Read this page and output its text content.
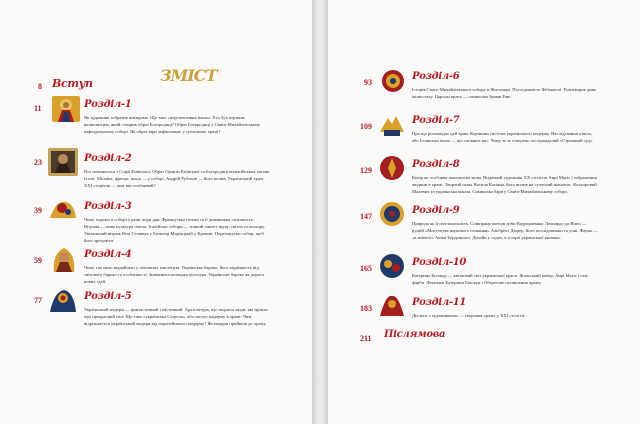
ЗМІСТ
8 Вступ
11	Розділ-1
Як художник зобразив невидиме. Що таке «перспективна ікона». Хто був першим іконописцем, який створив образ Богородиці? Образ Богородиці у Свято-Михайлівському кафедральному соборі. Як образ віри зафіксовано у сучасному храмі?
23	Розділ-2
Все починалося з Софії Київської. Образ Оранти Київської та Богородиці візантійських мозаїк Італії. Мозаїка, фреска, ікона — у соборі. Андрій Рубльов — його вплив. Український храм ХХІ сторіччя — чим він особливий?
39	Розділ-3
Чому ходимо в соборі у різні пори дня. Французька готика та її дивовижна оптичність. Вітражі — нова культура світла. Італійські собори — тонкий синтез звуку, світла та кольору. Унікальний вітраж Віта Стошвуа у Базиліці Маріацькій у Кракові. Перетинуємо собор, щоб його зрозуміти.
59
Розділ-4
Чому так мало віднайшли у світовому мистецтві. Українське бароко, його відмінність від світового бароко та особливості. Знаменита козацька культура. Українське бароко як дорога нових ідей.
77	Розділ-5
Український модерн — фантастичний і містичний. Архітектура, що творили люди, які мріяли про прекрасний світ. Що таке «українська Сецесія», або заступ модерну в храмі. Чим відрізняється український модерн від європейського модерну? Як модерн прийшов до храму.
93
Розділ-6
Історія Свято-Михайлівського собору в Житомирі. Послідовність Фібоначчі. Рукотворне диво іконостасу. Царські врата — символіка брами Раю.
109
Розділ-7
Про що розповідає цей храм. Корінням система українського модерну. Наслідування пішла, або Іспанська ікона — що сповнює нас. Чому то ж створено постраждалий «Страшний суд».
129
Розділ-8
Колір як особлива іконописна мова. Видатний художник ХХ століття Анрі Матіс і зображення людини в храмі. Творчий шлях Василя Касіяна, його вплив на сучасний іконопис. Кольоровий Малевич та українська школа. Символіка барв у Свято-Михайлівському соборі.
147
Розділ-9
Природа як її світлоносність. Співпраця митців доби Відродження: Леонардо да Вінчі — рушій «Мистецтва наукового пізнання» Альбрехт Дюрер, його послідовники та учні. Фауна — «в ковчезі» Анжи Берденного. Дизайн у садах, в історії української книжки.
165
Розділ-10
Катерина Білокур — квітковий світ української краси. Японський ковер, Анрі Матіс і світ фарби. Феномен Катерини Білокур і Оберегове посвячення храму.
183
Розділ-11
Діалоги з художниками — творення храму у ХХІ столітті.
211 Післямова
